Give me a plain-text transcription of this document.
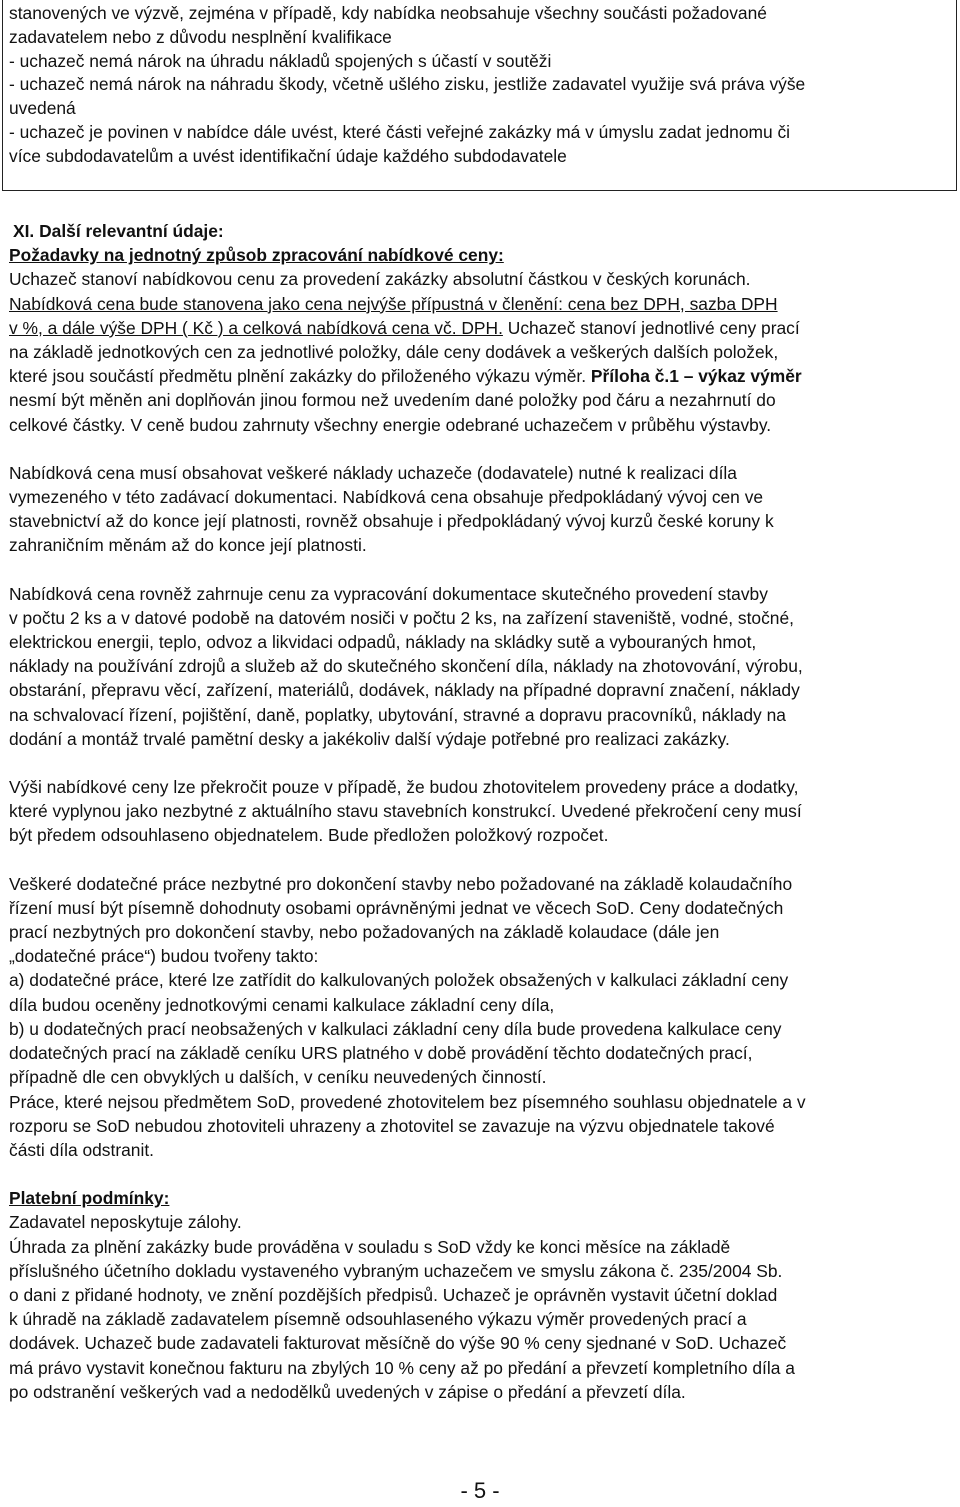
stanovených ve výzvě, zejména v případě, kdy nabídka neobsahuje všechny součásti požadované
zadavatelem nebo z důvodu nesplnění kvalifikace
- uchazeč nemá nárok na úhradu nákladů spojených s účastí v soutěži
- uchazeč nemá nárok na náhradu škody, včetně ušlého zisku, jestliže zadavatel využije svá práva výše
uvedená
- uchazeč je povinen v nabídce dále uvést, které části veřejné zakázky má v úmyslu zadat jednomu či
více subdodavatelům a uvést identifikační údaje každého subdodavatele
XI. Další relevantní údaje:
Požadavky na jednotný způsob zpracování nabídkové ceny:
Uchazeč stanoví nabídkovou cenu za provedení zakázky absolutní částkou v českých korunách.
Nabídková cena bude stanovena jako cena nejvýše přípustná v členění: cena bez DPH, sazba DPH
v %, a dále výše DPH ( Kč ) a celková nabídková cena vč. DPH. Uchazeč stanoví jednotlivé ceny prací
na základě jednotkových cen za jednotlivé položky, dále ceny dodávek a veškerých dalších položek,
které jsou součástí předmětu plnění zakázky do přiloženého výkazu výměr. Příloha č.1 – výkaz výměr
nesmí být měněn ani doplňován jinou formou než uvedením dané položky pod čáru a nezahrnutí do
celkové částky. V ceně budou zahrnuty všechny energie odebrané uchazečem v průběhu výstavby.
Nabídková cena musí obsahovat veškeré náklady uchazeče (dodavatele) nutné k realizaci díla
vymezeného v této zadávací dokumentaci. Nabídková cena obsahuje předpokládaný vývoj cen ve
stavebnictví až do konce její platnosti, rovněž obsahuje i předpokládaný vývoj kurzů české koruny k
zahraničním měnám až do konce její platnosti.
Nabídková cena rovněž zahrnuje cenu za vypracování dokumentace skutečného provedení stavby
v počtu 2 ks a v datové podobě na datovém nosiči v počtu 2 ks, na zařízení staveniště, vodné, stočné,
elektrickou energii, teplo, odvoz a likvidaci odpadů, náklady na skládky sutě a vybouraných hmot,
náklady na používání zdrojů a služeb až do skutečného skončení díla, náklady na zhotovování, výrobu,
obstarání, přepravu věcí, zařízení, materiálů, dodávek, náklady na případné dopravní značení, náklady
na schvalovací řízení, pojištění, daně, poplatky, ubytování, stravné a dopravu pracovníků, náklady na
dodání a montáž trvalé pamětní desky a jakékoliv další výdaje potřebné pro realizaci zakázky.
Výši nabídkové ceny lze překročit pouze v případě, že budou zhotovitelem provedeny práce a dodatky,
které vyplynou jako nezbytné z aktuálního stavu stavebních konstrukcí. Uvedené překročení ceny musí
být předem odsouhlaseno objednatelem. Bude předložen položkový rozpočet.
Veškeré dodatečné práce nezbytné pro dokončení stavby nebo požadované na základě kolaudačního
řízení musí být písemně dohodnuty osobami oprávněnými jednat ve věcech SoD. Ceny dodatečných
prací nezbytných pro dokončení stavby, nebo požadovaných na základě kolaudace (dále jen
„dodatečné práce“) budou tvořeny takto:
a) dodatečné práce, které lze zatřídit do kalkulovaných položek obsažených v kalkulaci základní ceny
díla budou oceněny jednotkovými cenami kalkulace základní ceny díla,
b) u dodatečných prací neobsažených v kalkulaci základní ceny díla bude provedena kalkulace ceny
dodatečných prací na základě ceníku URS platného v době provádění těchto dodatečných prací,
případně dle cen obvyklých u dalších, v ceníku neuvedených činností.
Práce, které nejsou předmětem SoD, provedené zhotovitelem bez písemného souhlasu objednatele a v
rozporu se SoD nebudou zhotoviteli uhrazeny a zhotovitel se zavazuje na výzvu objednatele takové
části díla odstranit.
Platební podmínky:
Zadavatel neposkytuje zálohy.
Úhrada za plnění zakázky bude prováděna v souladu s SoD vždy ke konci měsíce na základě
příslušného účetního dokladu vystaveného vybraným uchazečem ve smyslu zákona č. 235/2004 Sb.
o dani z přidané hodnoty, ve znění pozdějších předpisů. Uchazeč je oprávněn vystavit účetní doklad
k úhradě na základě zadavatelem písemně odsouhlaseného výkazu výměr provedených prací a
dodávek. Uchazeč bude zadavateli fakturovat měsíčně do výše 90 % ceny sjednané v SoD. Uchazeč
má právo vystavit konečnou fakturu na zbylých 10 % ceny až po předání a převzetí kompletního díla a
po odstranění veškerých vad a nedodělků uvedených v zápise o předání a převzetí díla.
- 5 -
